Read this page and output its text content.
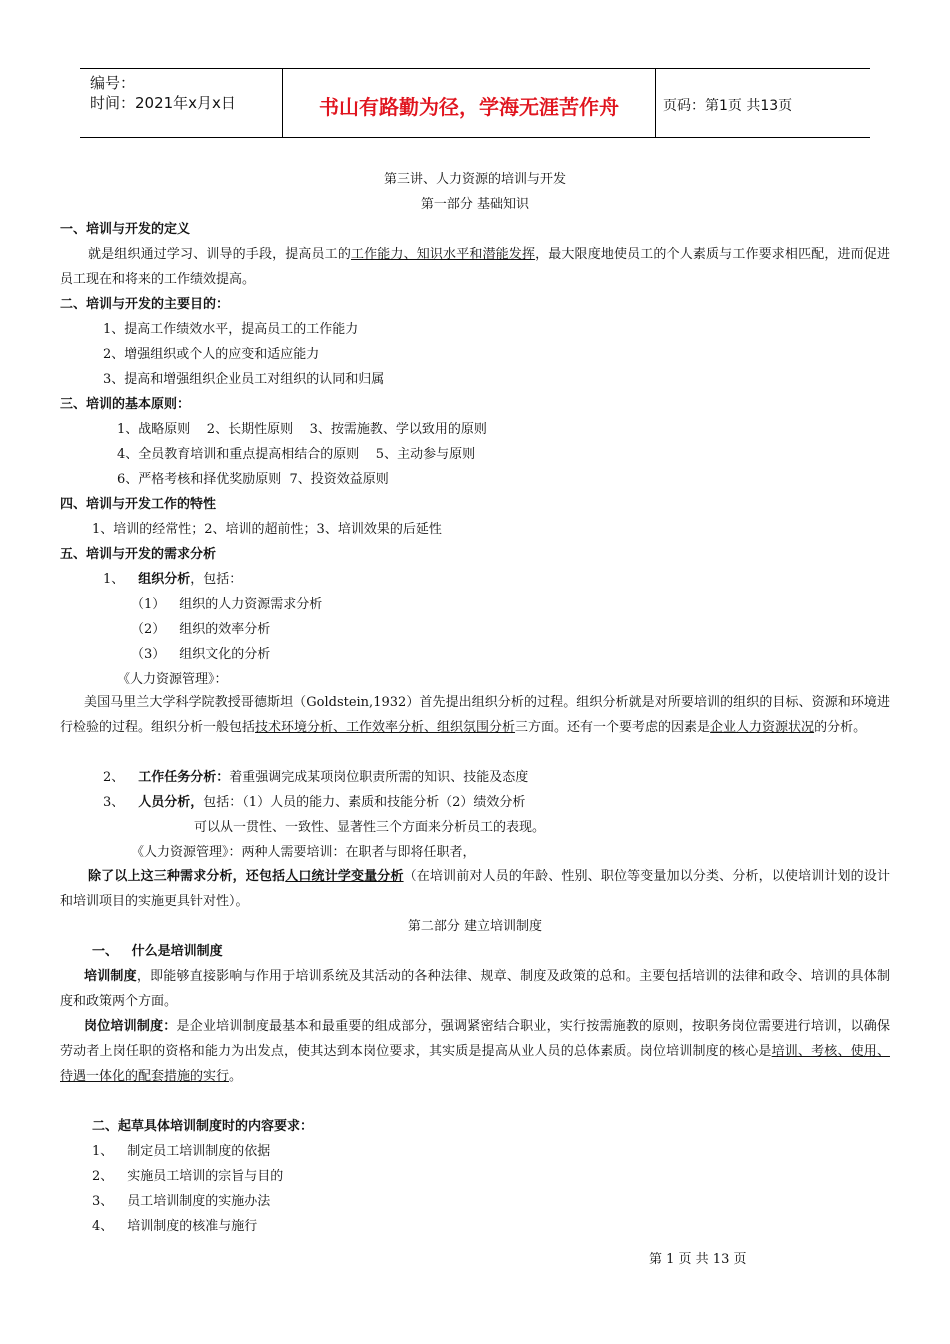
编号：
时间：2021年x月x日	书山有路勤为径，学海无涯苦作舟	页码：第1页 共13页
第三讲、人力资源的培训与开发
第一部分 基础知识
一、培训与开发的定义
就是组织通过学习、训导的手段，提高员工的工作能力、知识水平和潜能发挥，最大限度地使员工的个人素质与工作要求相匹配，进而促进员工现在和将来的工作绩效提高。
二、培训与开发的主要目的：
1、提高工作绩效水平，提高员工的工作能力
2、增强组织或个人的应变和适应能力
3、提高和增强组织企业员工对组织的认同和归属
三、培训的基本原则：
1、战略原则    2、长期性原则    3、按需施教、学以致用的原则
4、全员教育培训和重点提高相结合的原则    5、主动参与原则
6、严格考核和择优奖励原则  7、投资效益原则
四、培训与开发工作的特性
1、培训的经常性；2、培训的超前性；3、培训效果的后延性
五、培训与开发的需求分析
1、 组织分析，包括：
（1） 组织的人力资源需求分析
（2） 组织的效率分析
（3） 组织文化的分析
《人力资源管理》：
美国马里兰大学科学院教授哥德斯坦（Goldstein,1932）首先提出组织分析的过程。组织分析就是对所要培训的组织的目标、资源和环境进行检验的过程。组织分析一般包括技术环境分析、工作效率分析、组织氛围分析三方面。还有一个要考虑的因素是企业人力资源状况的分析。
2、 工作任务分析：着重强调完成某项岗位职责所需的知识、技能及态度
3、 人员分析，包括：（1）人员的能力、素质和技能分析（2）绩效分析
可以从一贯性、一致性、显著性三个方面来分析员工的表现。
《人力资源管理》：两种人需要培训：在职者与即将任职者，
除了以上这三种需求分析，还包括人口统计学变量分析（在培训前对人员的年龄、性别、职位等变量加以分类、分析，以使培训计划的设计和培训项目的实施更具针对性）。
第二部分 建立培训制度
一、   什么是培训制度
培训制度，即能够直接影响与作用于培训系统及其活动的各种法律、规章、制度及政策的总和。主要包括培训的法律和政令、培训的具体制度和政策两个方面。
岗位培训制度：是企业培训制度最基本和最重要的组成部分，强调紧密结合职业，实行按需施教的原则，按职务岗位需要进行培训，以确保劳动者上岗任职的资格和能力为出发点，使其达到本岗位要求，其实质是提高从业人员的总体素质。岗位培训制度的核心是培训、考核、使用、待遇一体化的配套措施的实行。
二、起草具体培训制度时的内容要求：
1、 制定员工培训制度的依据
2、 实施员工培训的宗旨与目的
3、 员工培训制度的实施办法
4、 培训制度的核准与施行
第 1 页 共 13 页
